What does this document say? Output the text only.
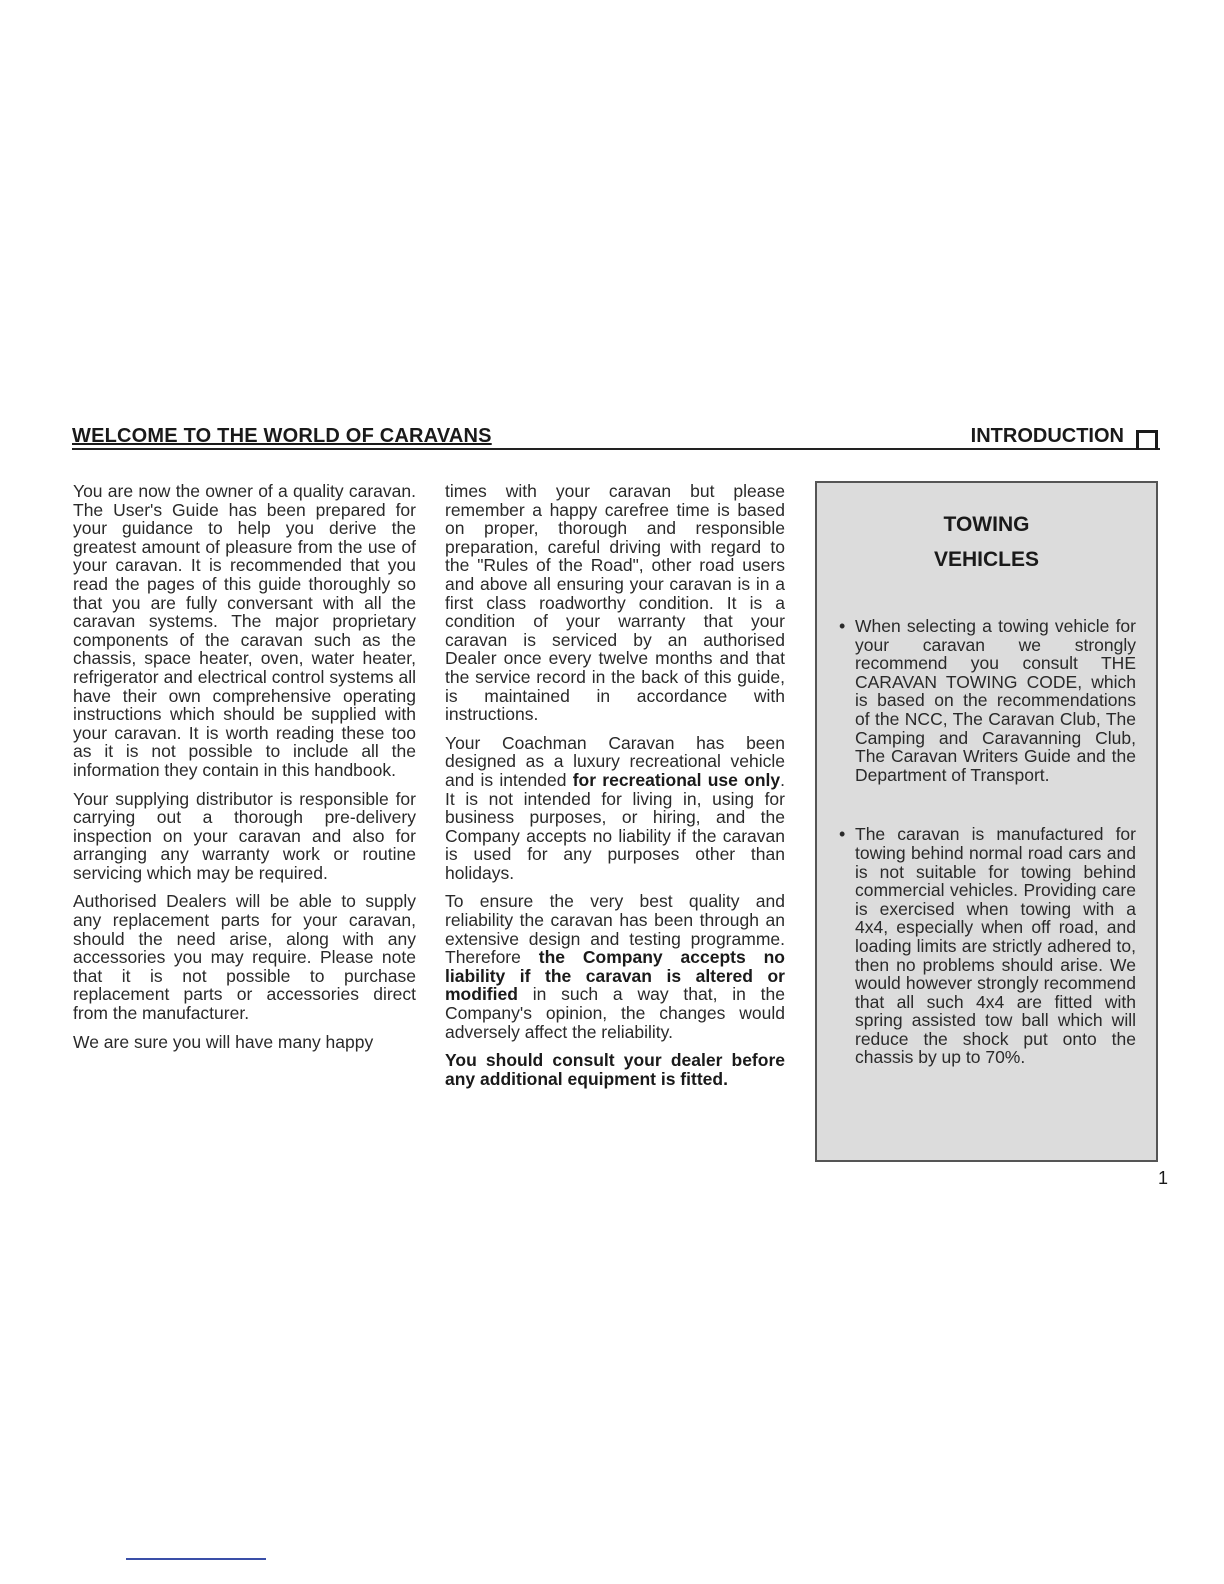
WELCOME TO THE WORLD OF CARAVANS	INTRODUCTION

You are now the owner of a quality caravan. The User's Guide has been prepared for your guidance to help you derive the greatest amount of pleasure from the use of your caravan. It is recommended that you read the pages of this guide thoroughly so that you are fully conversant with all the caravan systems. The major proprietary components of the caravan such as the chassis, space heater, oven, water heater, refrigerator and electrical control systems all have their own comprehensive operating instructions which should be supplied with your caravan. It is worth reading these too as it is not possible to include all the information they contain in this handbook.

Your supplying distributor is responsible for carrying out a thorough pre-delivery inspection on your caravan and also for arranging any warranty work or routine servicing which may be required.

Authorised Dealers will be able to supply any replacement parts for your caravan, should the need arise, along with any accessories you may require. Please note that it is not possible to purchase replacement parts or accessories direct from the manufacturer.

We are sure you will have many happy

times with your caravan but please remember a happy carefree time is based on proper, thorough and responsible preparation, careful driving with regard to the "Rules of the Road", other road users and above all ensuring your caravan is in a first class roadworthy condition. It is a condition of your warranty that your caravan is serviced by an authorised Dealer once every twelve months and that the service record in the back of this guide, is maintained in accordance with instructions.

Your Coachman Caravan has been designed as a luxury recreational vehicle and is intended for recreational use only. It is not intended for living in, using for business purposes, or hiring, and the Company accepts no liability if the caravan is used for any purposes other than holidays.

To ensure the very best quality and reliability the caravan has been through an extensive design and testing programme. Therefore the Company accepts no liability if the caravan is altered or modified in such a way that, in the Company's opinion, the changes would adversely affect the reliability.

You should consult your dealer before any additional equipment is fitted.

TOWING
VEHICLES
• When selecting a towing vehicle for your caravan we strongly recommend you consult THE CARAVAN TOWING CODE, which is based on the recommendations of the NCC, The Caravan Club, The Camping and Caravanning Club, The Caravan Writers Guide and the Department of Transport.
• The caravan is manufactured for towing behind normal road cars and is not suitable for towing behind commercial vehicles. Providing care is exercised when towing with a 4x4, especially when off road, and loading limits are strictly adhered to, then no problems should arise. We would however strongly recommend that all such 4x4 are fitted with spring assisted tow ball which will reduce the shock put onto the chassis by up to 70%.
1
